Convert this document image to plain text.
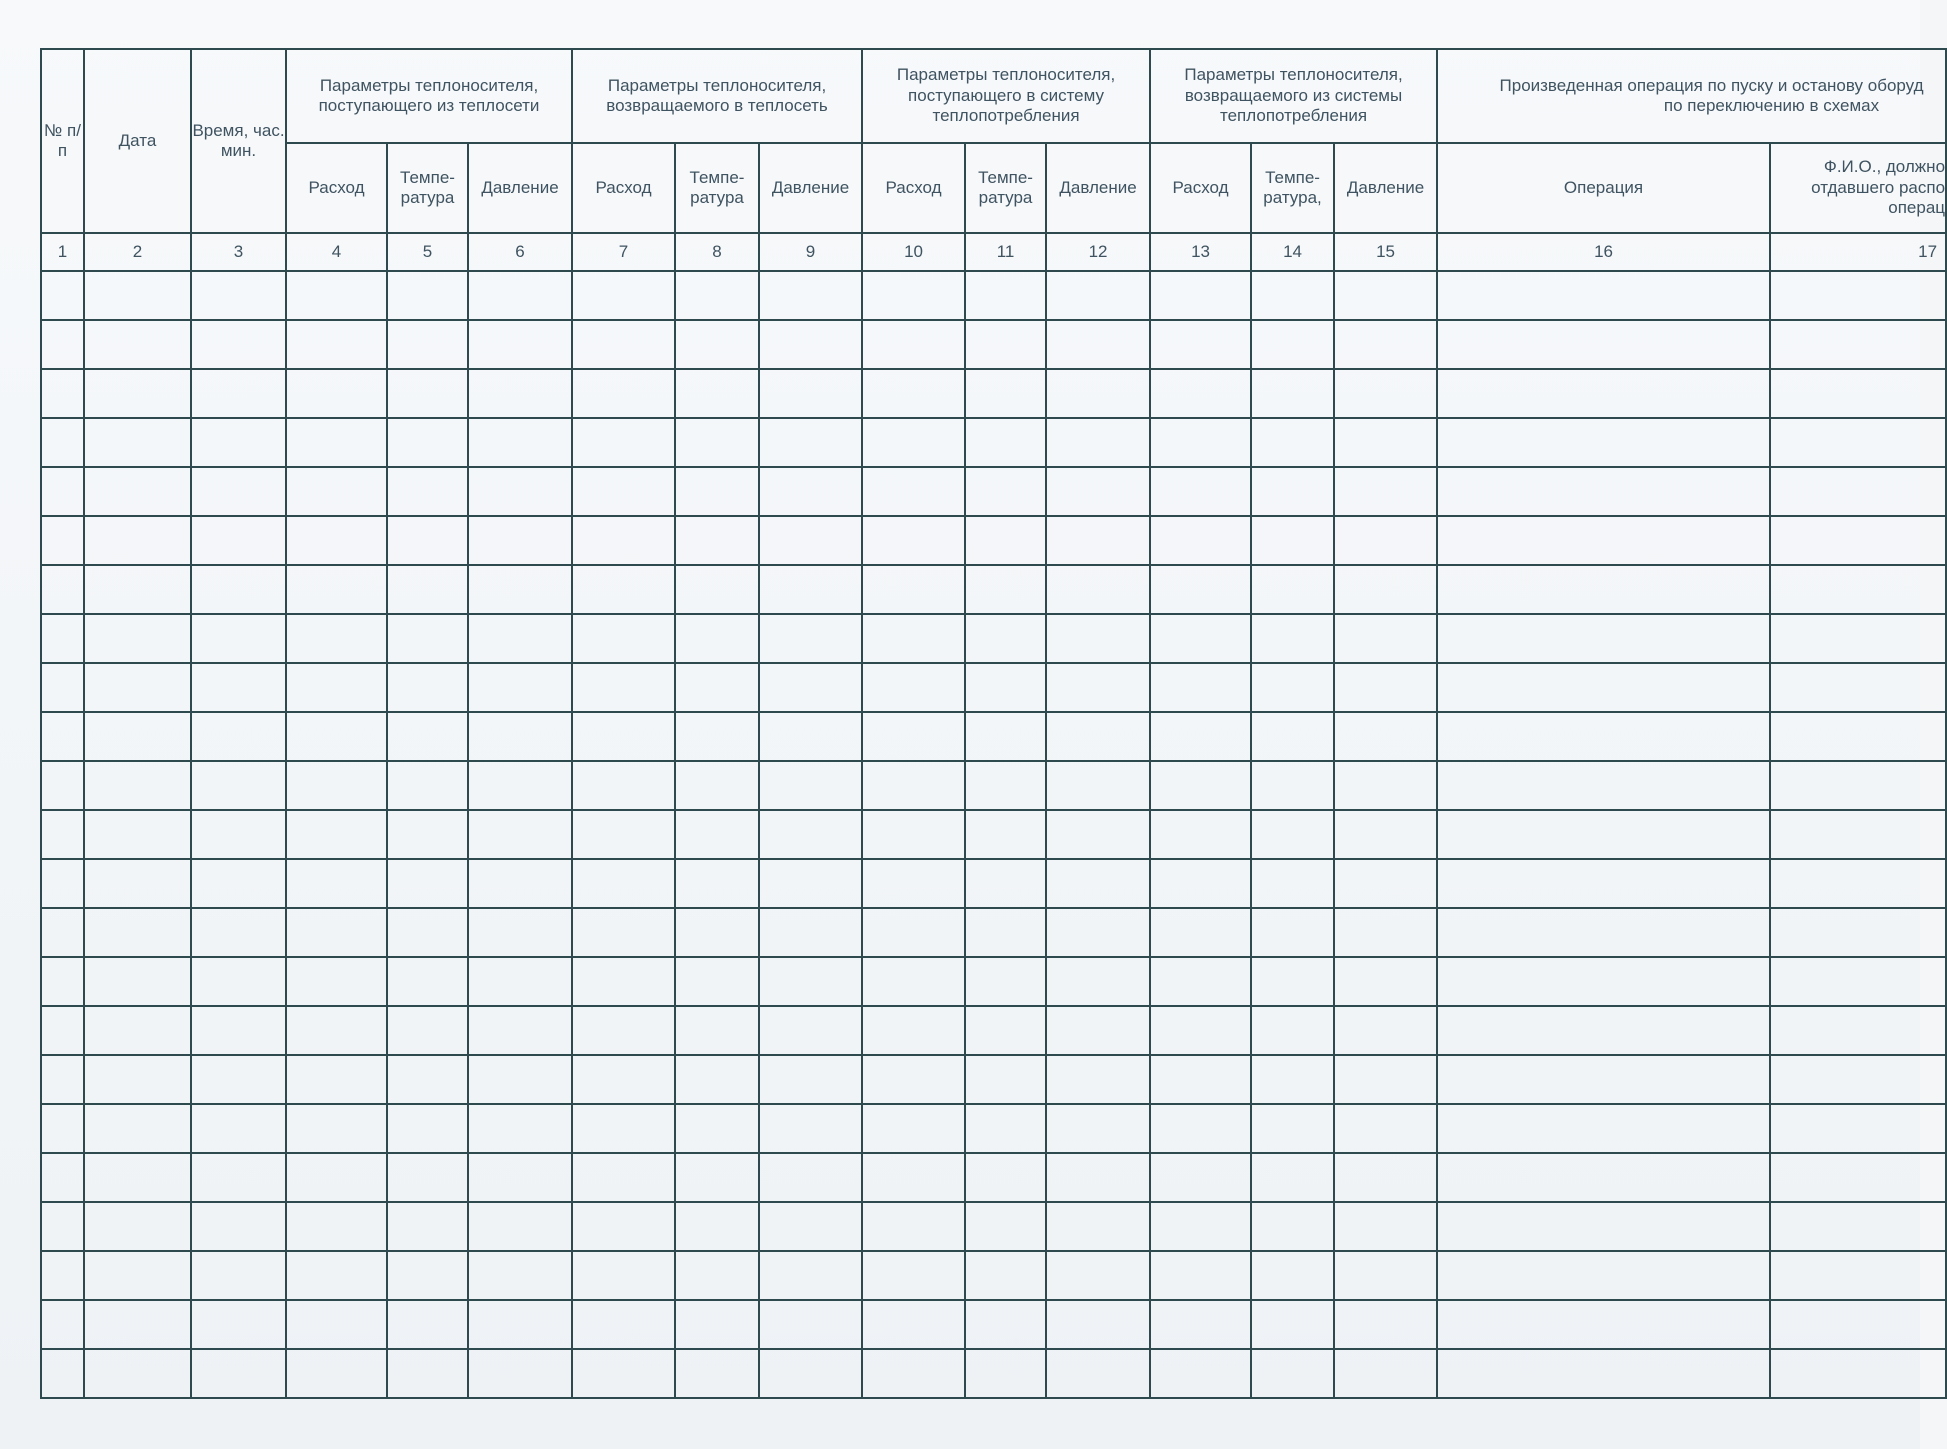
№ п/п	Дата	Время, час. мин.	Параметры теплоносителя, поступающего из теплосети			Параметры теплоносителя, возвращаемого в теплосеть			Параметры теплоносителя, поступающего в систему теплопотребления			Параметры теплоносителя, возвращаемого из системы теплопотребления			Произведенная операция по пуску и останову оборуд
по переключению в схемах	

			Расход	Темпе-ратура	Давление	Расход	Темпе-ратура	Давление	Расход	Темпе-ратура	Давление	Расход	Темпе-ратура,	Давление	Операция	Ф.И.О., должно
отдавшего распо
операц

1	2	3	4	5	6	7	8	9	10	11	12	13	14	15	16	17
